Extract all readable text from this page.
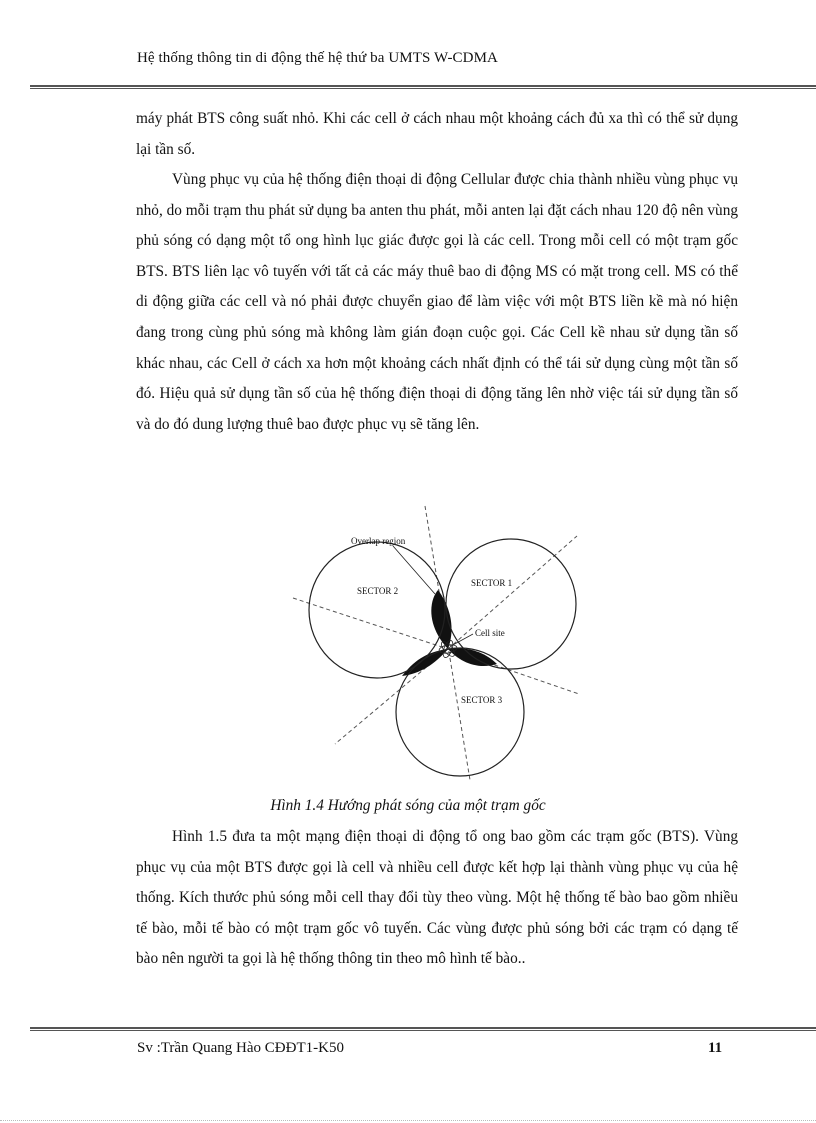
Hệ thống thông tin di động thế hệ thứ ba UMTS W-CDMA

máy phát BTS công suất nhỏ. Khi các cell ở cách nhau một khoảng cách đủ xa thì có thể sử dụng lại tần số.

Vùng phục vụ của hệ thống điện thoại di động Cellular được chia thành nhiều vùng phục vụ nhỏ, do mỗi trạm thu phát sử dụng ba anten thu phát, mỗi anten lại đặt cách nhau 120 độ nên vùng phủ sóng có dạng một tổ ong hình lục giác được gọi là các cell. Trong mỗi cell có một trạm gốc BTS. BTS liên lạc vô tuyến với tất cả các máy thuê bao di động MS có mặt trong cell. MS có thể di động giữa các cell và nó phải được chuyển giao để làm việc với một BTS liền kề mà nó hiện đang trong cùng phủ sóng mà không làm gián đoạn cuộc gọi. Các Cell kề nhau sử dụng tần số khác nhau, các Cell ở cách xa hơn một khoảng cách nhất định có thể tái sử dụng cùng một tần số đó. Hiệu quả sử dụng tần số của hệ thống điện thoại di động tăng lên nhờ việc tái sử dụng tần số và do đó dung lượng thuê bao được phục vụ sẽ tăng lên.

Overlap region
SECTOR 1
SECTOR 2
SECTOR 3
Cell site
Hình 1.4 Hướng phát sóng của một trạm gốc

Hình 1.5 đưa ta một mạng điện thoại di động tổ ong bao gồm các trạm gốc (BTS). Vùng phục vụ của một BTS được gọi là cell và nhiều cell được kết hợp lại thành vùng phục vụ của hệ thống. Kích thước phủ sóng mỗi cell thay đổi tùy theo vùng. Một hệ thống tế bào bao gồm nhiều tế bào, mỗi tế bào có một trạm gốc vô tuyến. Các vùng được phủ sóng bởi các trạm có dạng tế bào nên người ta gọi là hệ thống thông tin theo mô hình tế bào..

Sv :Trần Quang Hào CĐĐT1-K50	11
